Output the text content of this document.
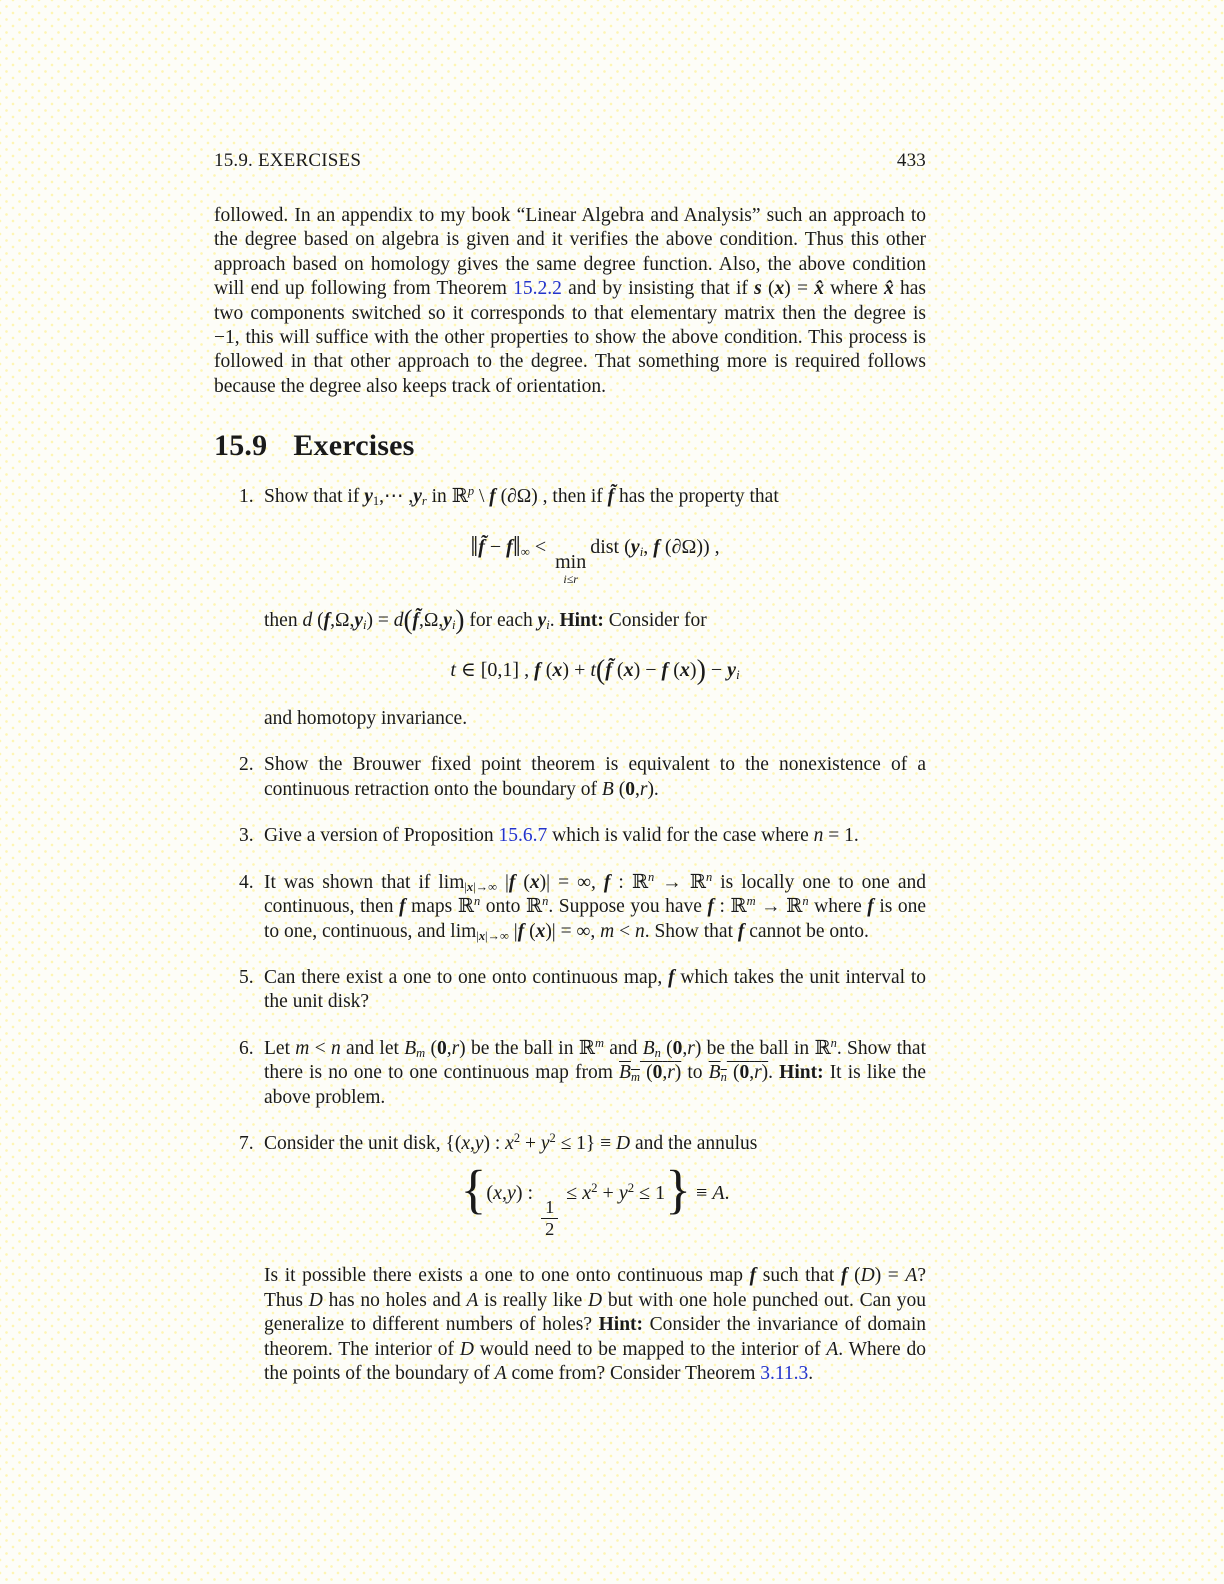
15.9. EXERCISES	433

followed. In an appendix to my book “Linear Algebra and Analysis” such an approach to the degree based on algebra is given and it verifies the above condition. Thus this other approach based on homology gives the same degree function. Also, the above condition will end up following from Theorem 15.2.2 and by insisting that if s (x) = x̂ where x̂ has two components switched so it corresponds to that elementary matrix then the degree is −1, this will suffice with the other properties to show the above condition. This process is followed in that other approach to the degree. That something more is required follows because the degree also keeps track of orientation.

15.9 Exercises
1. Show that if $y_1,\cdots$ $,y_r$ in ℝ$^p$ \ f (∂Ω) , then if f̃ has the property that

‖f̃ − $f‖_\infty$ <
min
i≤r
dist ($y_i$, f (∂Ω)) ,

then d $(f,\Omega,y_i)$ = $d(f̃,\Omega,y_i)$ for each $y_i$. Hint: Consider for

t ∈ [0,1] , f (x) + t(f̃ (x) − f $(x)) - y_i$

and homotopy invariance.

2. Show the Brouwer fixed point theorem is equivalent to the nonexistence of a continuous retraction onto the boundary of B (0,r).

3. Give a version of Proposition 15.6.7 which is valid for the case where n = 1.

4. It was shown that if $\lim_{|x|\to\infty} |f$ (x)| = ∞, f : ℝ$^n$ → ℝ$^n$ is locally one to one and continuous, then f maps ℝ$^n$ onto ℝ$^n$. Suppose you have f : ℝ$^m$ → ℝ$^n$ where f is one to one, continuous, and $\lim_{|x|\to\infty} |f$ (x)| = ∞, m < n. Show that f cannot be onto.

5. Can there exist a one to one onto continuous map, f which takes the unit interval to the unit disk?

6. Let m < n and let $B_m$ (0,r) be the ball in ℝ$^m$ and $B_n$ (0,r) be the ball in ℝ$^n$. Show that there is no one to one continuous map from $B_m$ (0,r) to $B_n$ (0,r). Hint: It is like the above problem.

7. Consider the unit disk, {(x,y) : $x^2 + y^2 \le 1\} \equiv D$ and the annulus

{(x,y) :
$\frac{1}{2}$
≤ $x^2 + y^2 \le 1\} \equiv A$.

Is it possible there exists a one to one onto continuous map f such that f (D) = A? Thus D has no holes and A is really like D but with one hole punched out. Can you generalize to different numbers of holes? Hint: Consider the invariance of domain theorem. The interior of D would need to be mapped to the interior of A. Where do the points of the boundary of A come from? Consider Theorem 3.11.3.
